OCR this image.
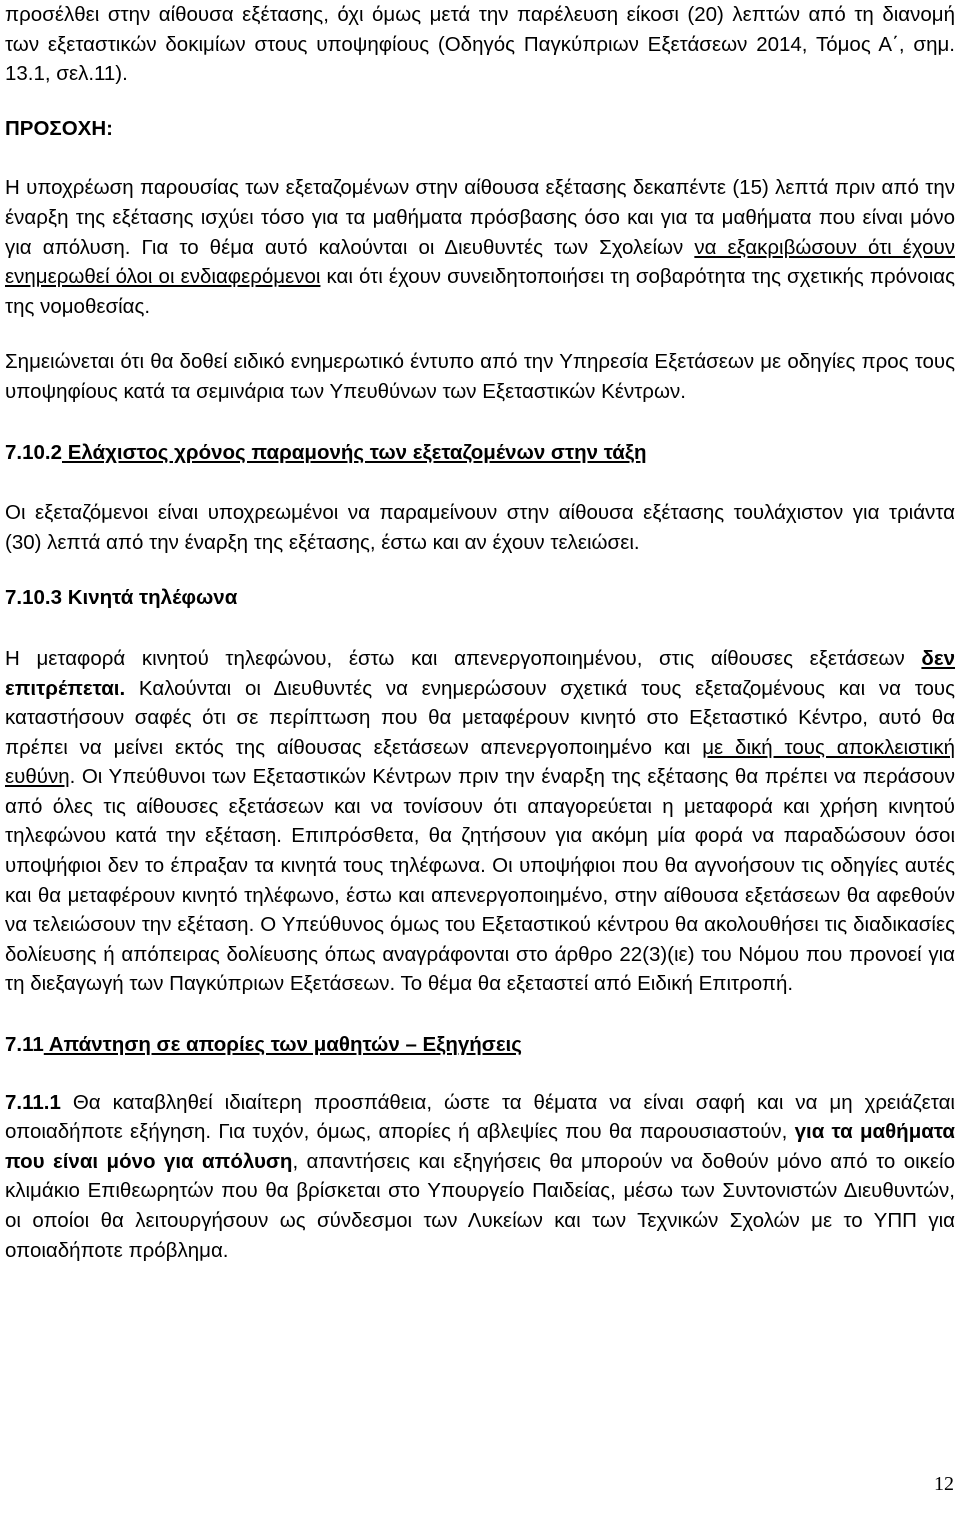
προσέλθει στην αίθουσα εξέτασης, όχι όμως μετά την παρέλευση είκοσι (20) λεπτών από τη διανομή των εξεταστικών δοκιμίων στους υποψηφίους (Οδηγός Παγκύπριων Εξετάσεων 2014, Τόμος Α΄, σημ. 13.1, σελ.11).

ΠΡΟΣΟΧΗ:

Η υποχρέωση παρουσίας των εξεταζομένων στην αίθουσα εξέτασης δεκαπέντε (15) λεπτά πριν από την έναρξη της εξέτασης ισχύει τόσο για τα μαθήματα πρόσβασης όσο και για τα μαθήματα που είναι μόνο για απόλυση. Για το θέμα αυτό καλούνται οι Διευθυντές των Σχολείων να εξακριβώσουν ότι έχουν ενημερωθεί όλοι οι ενδιαφερόμενοι και ότι έχουν συνειδητοποιήσει τη σοβαρότητα της σχετικής πρόνοιας της νομοθεσίας.

Σημειώνεται ότι θα δοθεί ειδικό ενημερωτικό έντυπο από την Υπηρεσία Εξετάσεων με οδηγίες προς τους υποψηφίους κατά τα σεμινάρια των Υπευθύνων των Εξεταστικών Κέντρων.

7.10.2 Ελάχιστος χρόνος παραμονής των εξεταζομένων στην τάξη

Οι εξεταζόμενοι είναι υποχρεωμένοι να παραμείνουν στην αίθουσα εξέτασης τουλάχιστον για τριάντα (30) λεπτά από την έναρξη της εξέτασης, έστω και αν έχουν τελειώσει.

7.10.3 Κινητά τηλέφωνα

Η μεταφορά κινητού τηλεφώνου, έστω και απενεργοποιημένου, στις αίθουσες εξετάσεων δεν επιτρέπεται. Καλούνται οι Διευθυντές να ενημερώσουν σχετικά τους εξεταζομένους και να τους καταστήσουν σαφές ότι σε περίπτωση που θα μεταφέρουν κινητό στο Εξεταστικό Κέντρο, αυτό θα πρέπει να μείνει εκτός της αίθουσας εξετάσεων απενεργοποιημένο και με δική τους αποκλειστική ευθύνη. Οι Υπεύθυνοι των Εξεταστικών Κέντρων πριν την έναρξη της εξέτασης θα πρέπει να περάσουν από όλες τις αίθουσες εξετάσεων και να τονίσουν ότι απαγορεύεται η μεταφορά και χρήση κινητού τηλεφώνου κατά την εξέταση. Επιπρόσθετα, θα ζητήσουν για ακόμη μία φορά να παραδώσουν όσοι υποψήφιοι δεν το έπραξαν τα κινητά τους τηλέφωνα. Οι υποψήφιοι που θα αγνοήσουν τις οδηγίες αυτές και θα μεταφέρουν κινητό τηλέφωνο, έστω και απενεργοποιημένο, στην αίθουσα εξετάσεων θα αφεθούν να τελειώσουν την εξέταση. Ο Υπεύθυνος όμως του Εξεταστικού κέντρου θα ακολουθήσει τις διαδικασίες δολίευσης ή απόπειρας δολίευσης όπως αναγράφονται στο άρθρο 22(3)(ιε) του Νόμου που προνοεί για τη διεξαγωγή των Παγκύπριων Εξετάσεων. Το θέμα θα εξεταστεί από Ειδική Επιτροπή.

7.11 Απάντηση σε απορίες των μαθητών – Εξηγήσεις

7.11.1 Θα καταβληθεί ιδιαίτερη προσπάθεια, ώστε τα θέματα να είναι σαφή και να μη χρειάζεται οποιαδήποτε εξήγηση. Για τυχόν, όμως, απορίες ή αβλεψίες που θα παρουσιαστούν, για τα μαθήματα που είναι μόνο για απόλυση, απαντήσεις και εξηγήσεις θα μπορούν να δοθούν μόνο από το οικείο κλιμάκιο Επιθεωρητών που θα βρίσκεται στο Υπουργείο Παιδείας, μέσω των Συντονιστών Διευθυντών, οι οποίοι θα λειτουργήσουν ως σύνδεσμοι των Λυκείων και των Τεχνικών Σχολών με το ΥΠΠ για οποιαδήποτε πρόβλημα.

12
